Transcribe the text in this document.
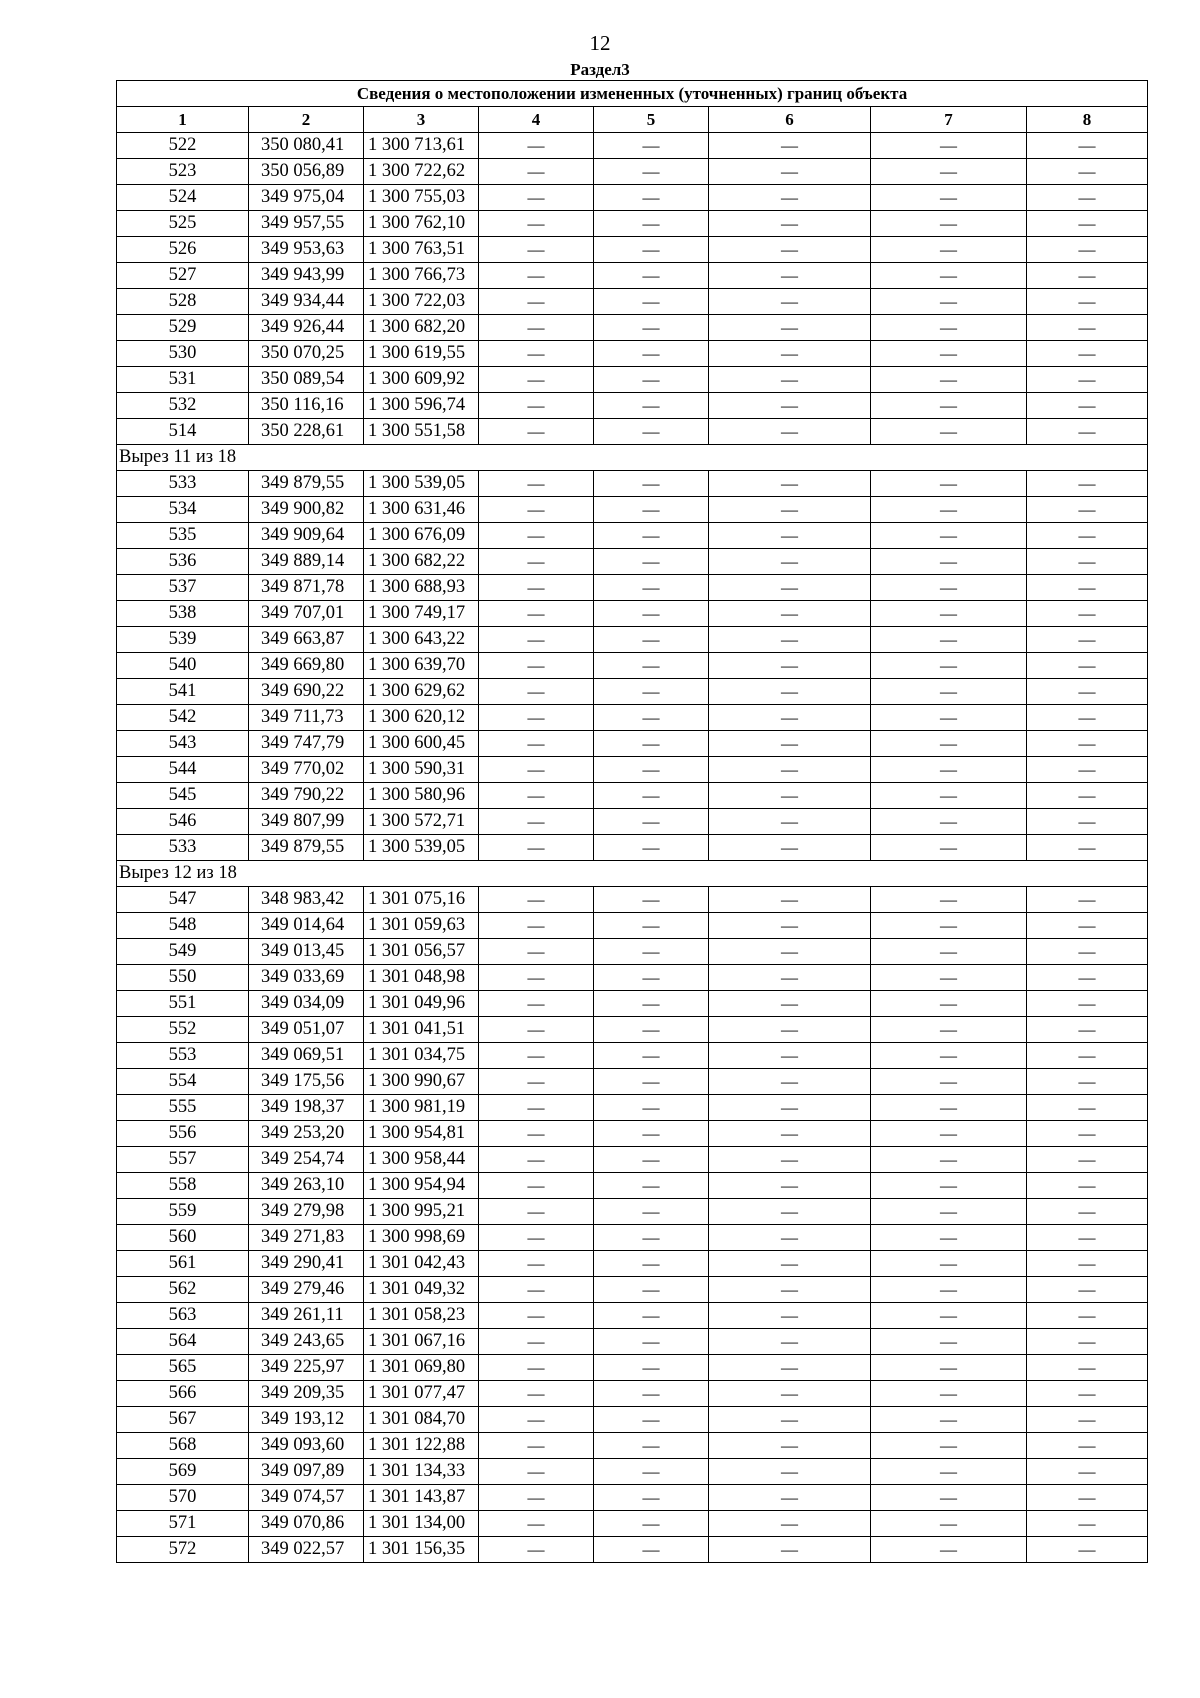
12
Раздел3
Сведения о местоположении измененных (уточненных) границ объекта							
1	2	3	4	5	6	7	8
522	350 080,41	1 300 713,61	—	—	—	—	—
523	350 056,89	1 300 722,62	—	—	—	—	—
524	349 975,04	1 300 755,03	—	—	—	—	—
525	349 957,55	1 300 762,10	—	—	—	—	—
526	349 953,63	1 300 763,51	—	—	—	—	—
527	349 943,99	1 300 766,73	—	—	—	—	—
528	349 934,44	1 300 722,03	—	—	—	—	—
529	349 926,44	1 300 682,20	—	—	—	—	—
530	350 070,25	1 300 619,55	—	—	—	—	—
531	350 089,54	1 300 609,92	—	—	—	—	—
532	350 116,16	1 300 596,74	—	—	—	—	—
514	350 228,61	1 300 551,58	—	—	—	—	—
Вырез 11 из 18							
533	349 879,55	1 300 539,05	—	—	—	—	—
534	349 900,82	1 300 631,46	—	—	—	—	—
535	349 909,64	1 300 676,09	—	—	—	—	—
536	349 889,14	1 300 682,22	—	—	—	—	—
537	349 871,78	1 300 688,93	—	—	—	—	—
538	349 707,01	1 300 749,17	—	—	—	—	—
539	349 663,87	1 300 643,22	—	—	—	—	—
540	349 669,80	1 300 639,70	—	—	—	—	—
541	349 690,22	1 300 629,62	—	—	—	—	—
542	349 711,73	1 300 620,12	—	—	—	—	—
543	349 747,79	1 300 600,45	—	—	—	—	—
544	349 770,02	1 300 590,31	—	—	—	—	—
545	349 790,22	1 300 580,96	—	—	—	—	—
546	349 807,99	1 300 572,71	—	—	—	—	—
533	349 879,55	1 300 539,05	—	—	—	—	—
Вырез 12 из 18							
547	348 983,42	1 301 075,16	—	—	—	—	—
548	349 014,64	1 301 059,63	—	—	—	—	—
549	349 013,45	1 301 056,57	—	—	—	—	—
550	349 033,69	1 301 048,98	—	—	—	—	—
551	349 034,09	1 301 049,96	—	—	—	—	—
552	349 051,07	1 301 041,51	—	—	—	—	—
553	349 069,51	1 301 034,75	—	—	—	—	—
554	349 175,56	1 300 990,67	—	—	—	—	—
555	349 198,37	1 300 981,19	—	—	—	—	—
556	349 253,20	1 300 954,81	—	—	—	—	—
557	349 254,74	1 300 958,44	—	—	—	—	—
558	349 263,10	1 300 954,94	—	—	—	—	—
559	349 279,98	1 300 995,21	—	—	—	—	—
560	349 271,83	1 300 998,69	—	—	—	—	—
561	349 290,41	1 301 042,43	—	—	—	—	—
562	349 279,46	1 301 049,32	—	—	—	—	—
563	349 261,11	1 301 058,23	—	—	—	—	—
564	349 243,65	1 301 067,16	—	—	—	—	—
565	349 225,97	1 301 069,80	—	—	—	—	—
566	349 209,35	1 301 077,47	—	—	—	—	—
567	349 193,12	1 301 084,70	—	—	—	—	—
568	349 093,60	1 301 122,88	—	—	—	—	—
569	349 097,89	1 301 134,33	—	—	—	—	—
570	349 074,57	1 301 143,87	—	—	—	—	—
571	349 070,86	1 301 134,00	—	—	—	—	—
572	349 022,57	1 301 156,35	—	—	—	—	—
